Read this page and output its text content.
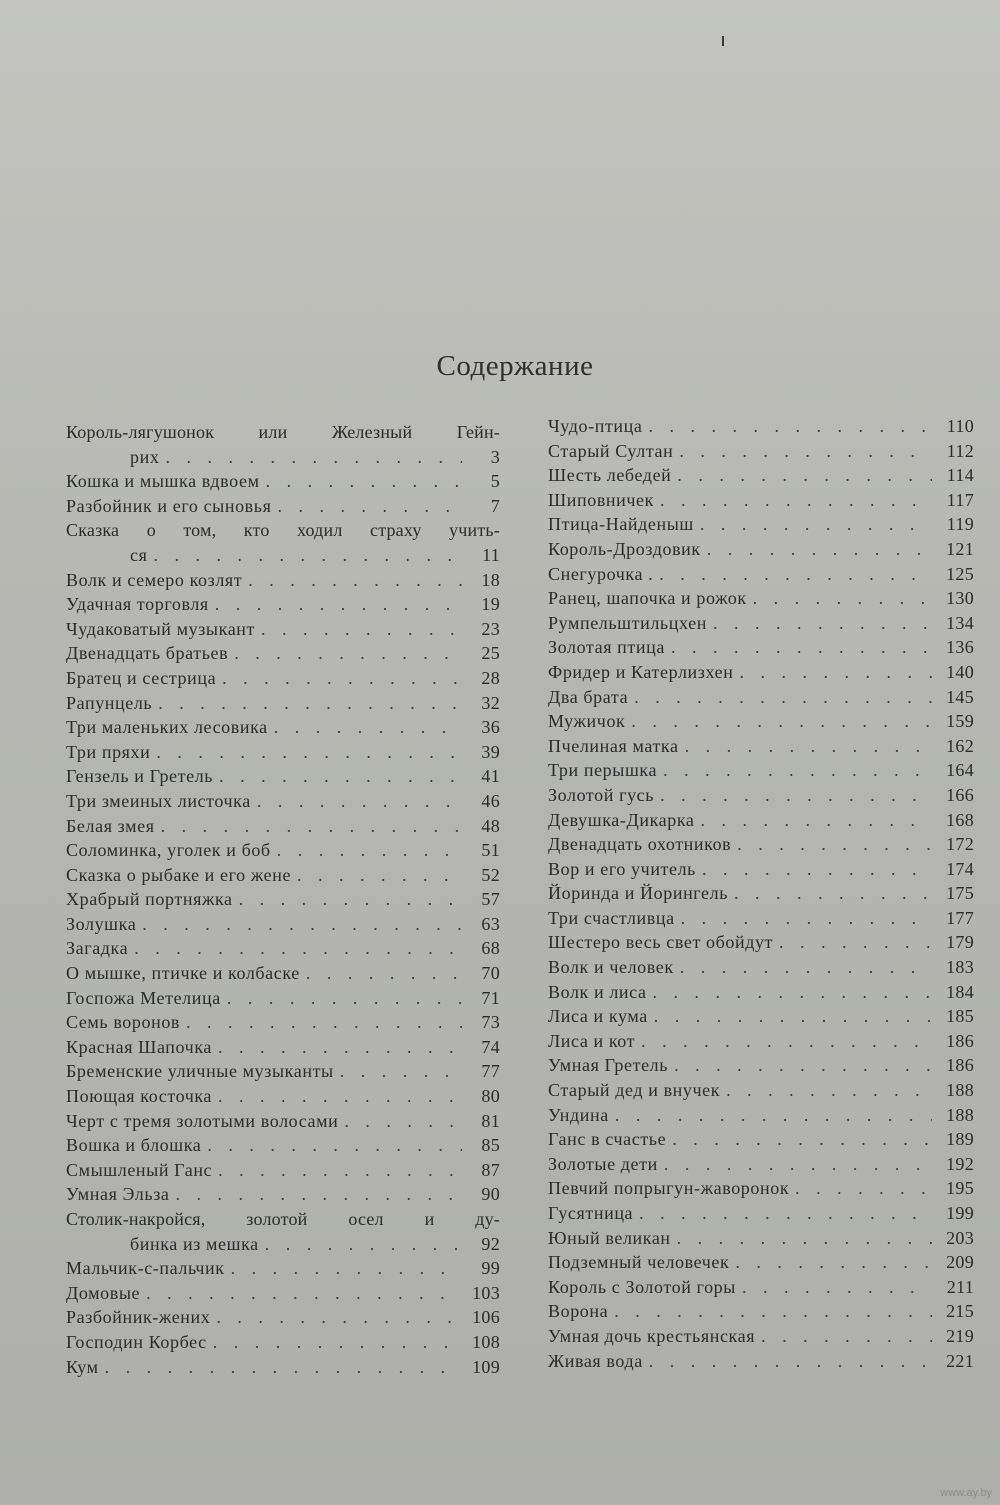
Содержание
Король-лягушонок или Железный Гейн-
рих . . .	3
Кошка и мышка вдвоем . . .	5
Разбойник и его сыновья . . .	7
Сказка о том, кто ходил страху учить-
ся . . .	11
Волк и семеро козлят . . .	18
Удачная торговля . . .	19
Чудаковатый музыкант . . .	23
Двенадцать братьев . . .	25
Братец и сестрица . . .	28
Рапунцель . . .	32
Три маленьких лесовика . . .	36
Три пряхи . . .	39
Гензель и Гретель . . .	41
Три змеиных листочка . . .	46
Белая змея . . .	48
Соломинка, уголек и боб . . .	51
Сказка о рыбаке и его жене . . .	52
Храбрый портняжка . . .	57
Золушка . . .	63
Загадка . . .	68
О мышке, птичке и колбаске . . .	70
Госпожа Метелица . . .	71
Семь воронов . . .	73
Красная Шапочка . . .	74
Бременские уличные музыканты . . .	77
Поющая косточка . . .	80
Черт с тремя золотыми волосами . . .	81
Вошка и блошка . . .	85
Смышленый Ганс . . .	87
Умная Эльза . . .	90
Столик-накройся, золотой осел и ду-
бинка из мешка . . .	92
Мальчик-с-пальчик . . .	99
Домовые . . .	103
Разбойник-жених . . .	106
Господин Корбес . . .	108
Кум . . .	109
Чудо-птица . . .	110
Старый Султан . . .	112
Шесть лебедей . . .	114
Шиповничек . . .	117
Птица-Найденыш . . .	119
Король-Дроздовик . . .	121
Снегурочка . . . .	125
Ранец, шапочка и рожок . . .	130
Румпельштильцхен . . .	134
Золотая птица . . .	136
Фридер и Катерлизхен . . .	140
Два брата . . .	145
Мужичок . . .	159
Пчелиная матка . . .	162
Три перышка . . .	164
Золотой гусь . . .	166
Девушка-Дикарка . . .	168
Двенадцать охотников . . .	172
Вор и его учитель . . .	174
Йоринда и Йорингель . . .	175
Три счастливца . . .	177
Шестеро весь свет обойдут . . .	179
Волк и человек . . .	183
Волк и лиса . . .	184
Лиса и кума . . .	185
Лиса и кот . . .	186
Умная Гретель . . .	186
Старый дед и внучек . . .	188
Ундина . . .	188
Ганс в счастье . . .	189
Золотые дети . . .	192
Певчий попрыгун-жаворонок . . .	195
Гусятница . . .	199
Юный великан . . .	203
Подземный человечек . . .	209
Король с Золотой горы . . .	211
Ворона . . .	215
Умная дочь крестьянская . . .	219
Живая вода . . .	221
www.ay.by
